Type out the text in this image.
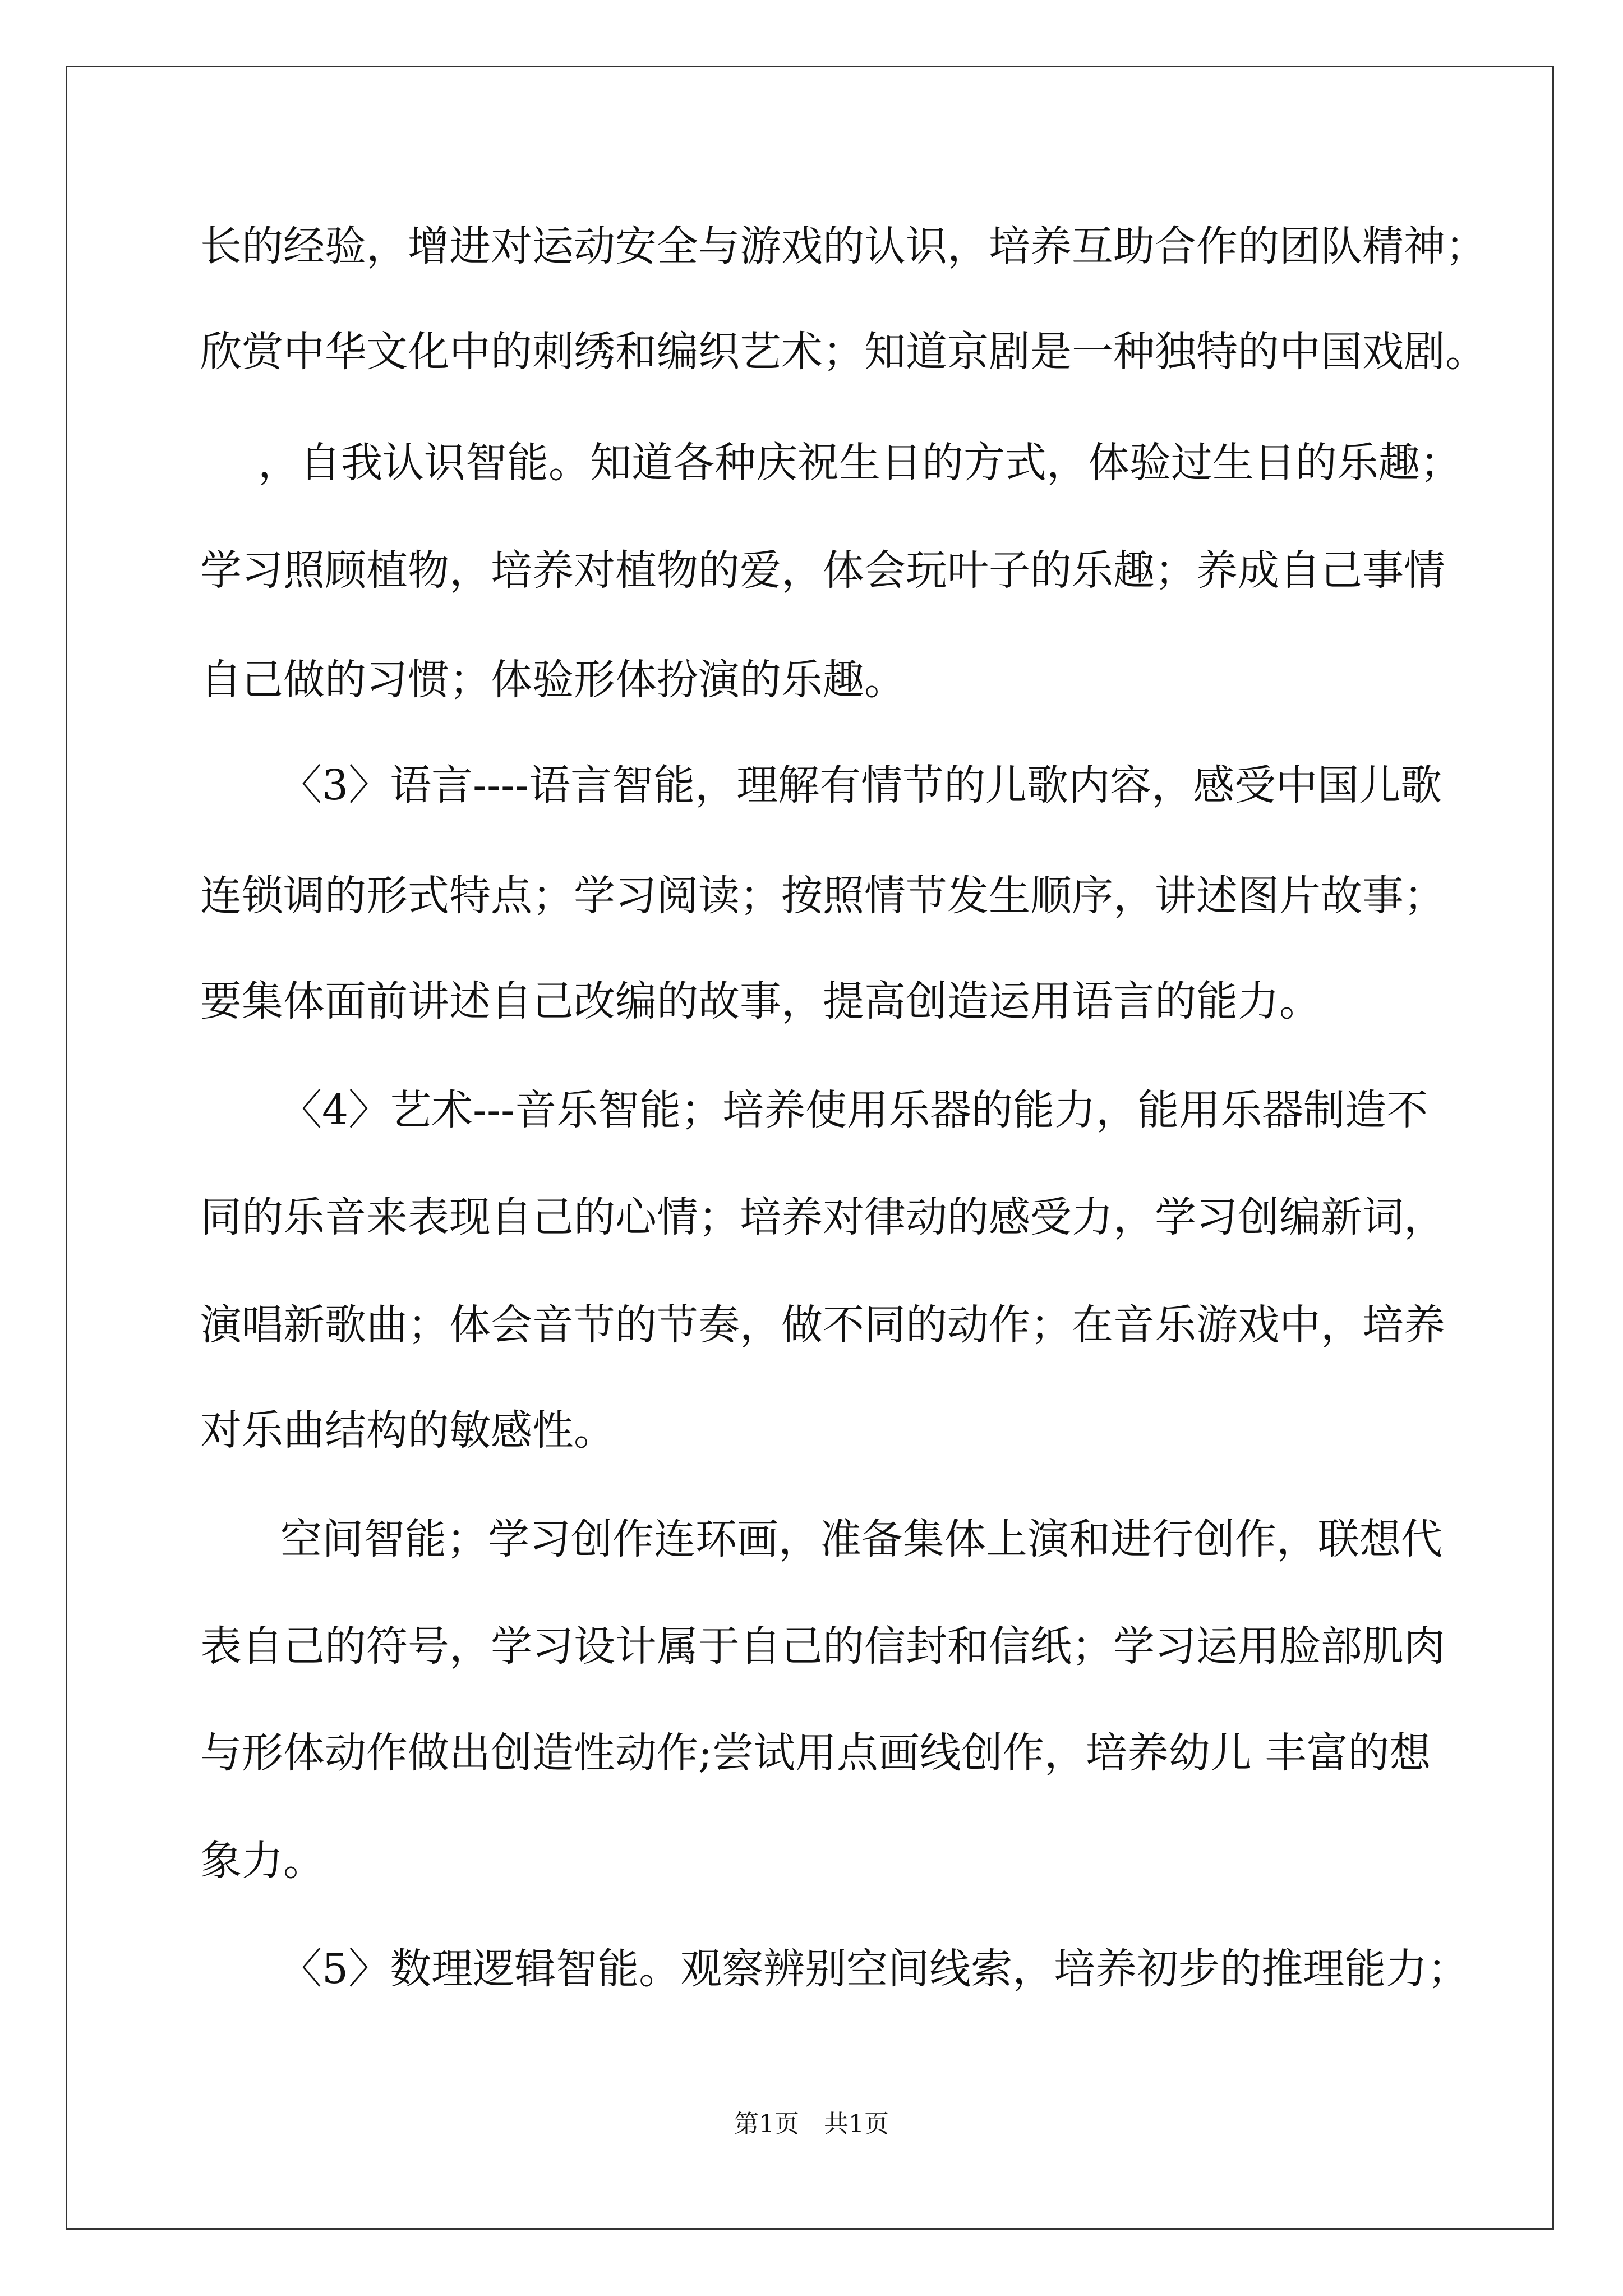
长的经验，增进对运动安全与游戏的认识，培养互助合作的团队精神；
欣赏中华文化中的刺绣和编织艺术；知道京剧是一种独特的中国戏剧。
，自我认识智能。知道各种庆祝生日的方式，体验过生日的乐趣；
学习照顾植物，培养对植物的爱，体会玩叶子的乐趣；养成自己事情
自己做的习惯；体验形体扮演的乐趣。
〈3〉语言----语言智能，理解有情节的儿歌内容，感受中国儿歌
连锁调的形式特点；学习阅读；按照情节发生顺序，讲述图片故事；
要集体面前讲述自己改编的故事，提高创造运用语言的能力。
〈4〉艺术---音乐智能；培养使用乐器的能力，能用乐器制造不
同的乐音来表现自己的心情；培养对律动的感受力，学习创编新词，
演唱新歌曲；体会音节的节奏，做不同的动作；在音乐游戏中，培养
对乐曲结构的敏感性。
空间智能；学习创作连环画，准备集体上演和进行创作，联想代
表自己的符号，学习设计属于自己的信封和信纸；学习运用脸部肌肉
与形体动作做出创造性动作;尝试用点画线创作，培养幼儿 丰富的想
象力。
〈5〉数理逻辑智能。观察辨别空间线索，培养初步的推理能力；
第1页　共1页
